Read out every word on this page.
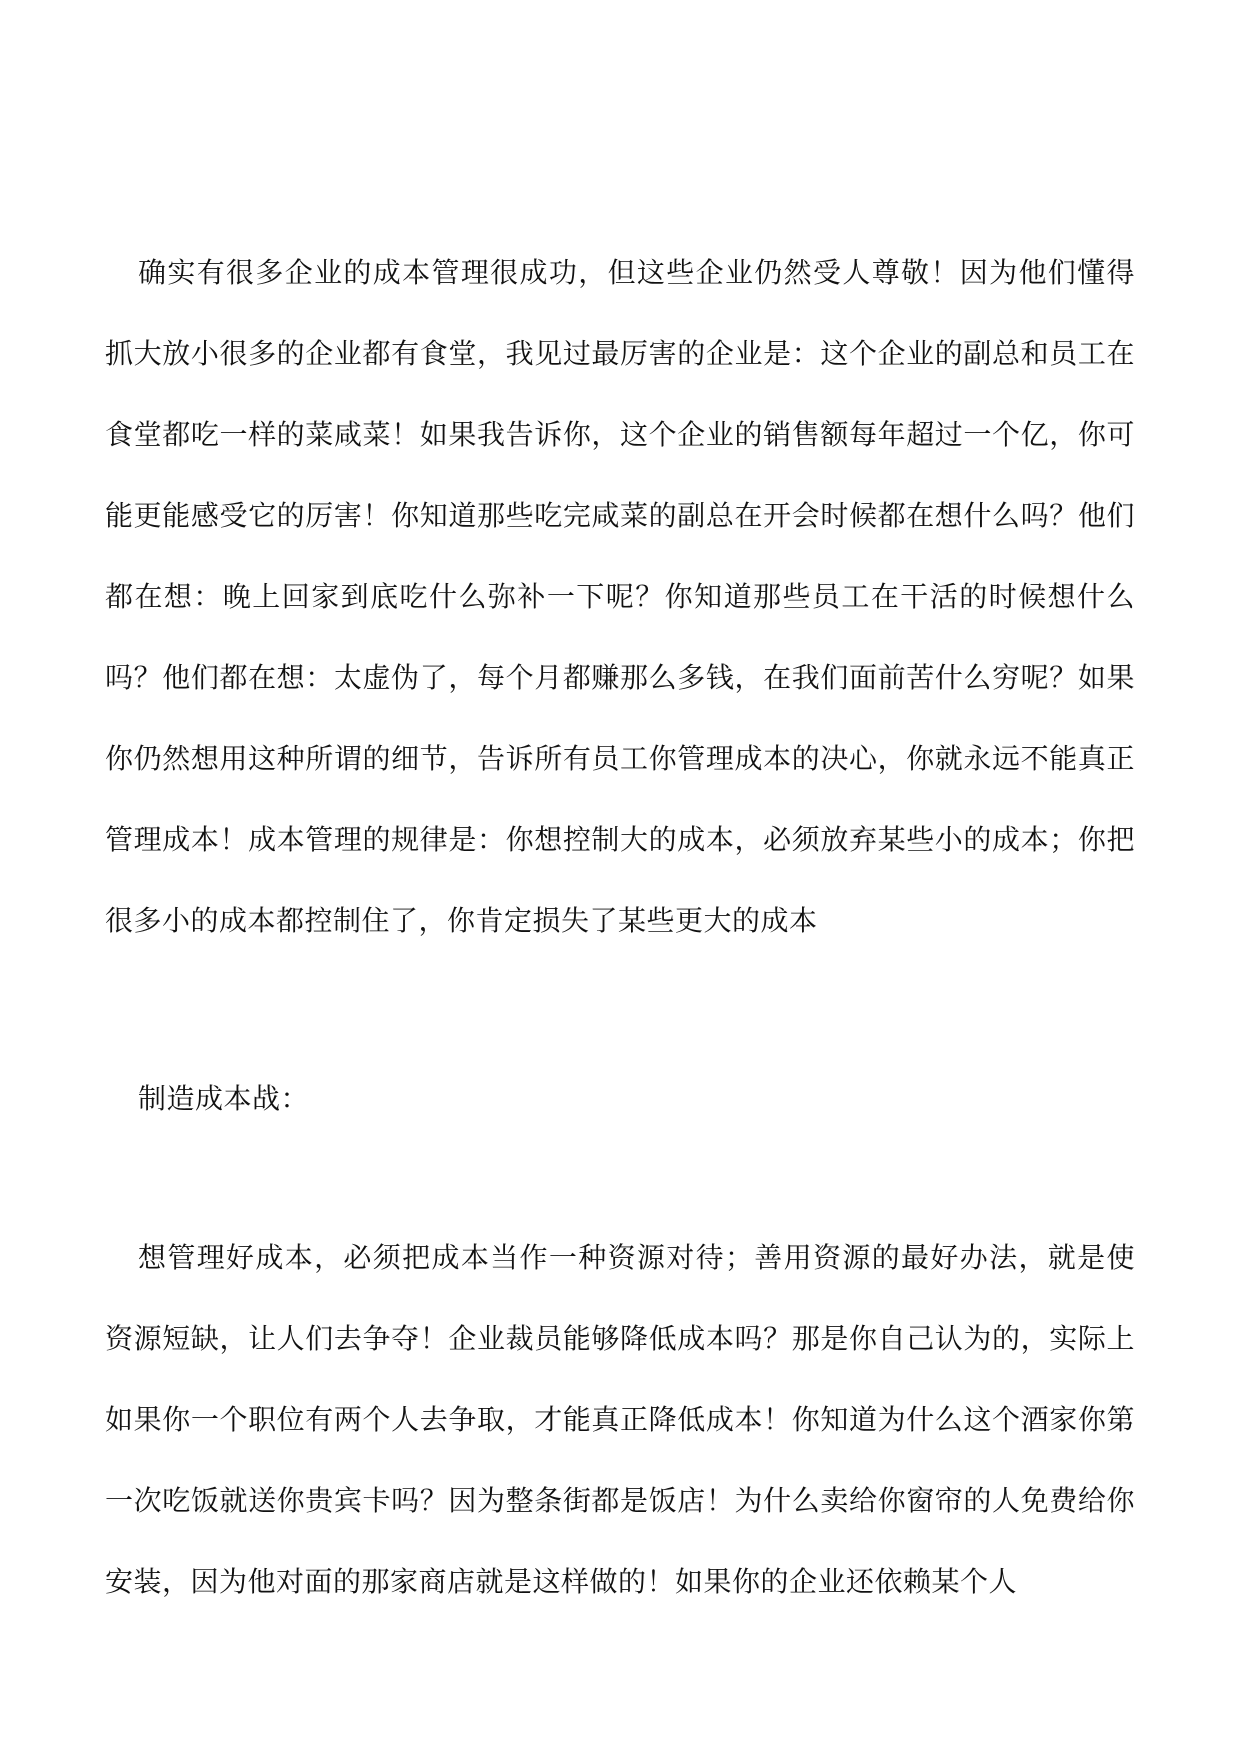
确实有很多企业的成本管理很成功，但这些企业仍然受人尊敬！因为他们懂得抓大放小很多的企业都有食堂，我见过最厉害的企业是：这个企业的副总和员工在食堂都吃一样的菜咸菜！如果我告诉你，这个企业的销售额每年超过一个亿，你可能更能感受它的厉害！你知道那些吃完咸菜的副总在开会时候都在想什么吗？他们都在想：晚上回家到底吃什么弥补一下呢？你知道那些员工在干活的时候想什么吗？他们都在想：太虚伪了，每个月都赚那么多钱，在我们面前苦什么穷呢？如果你仍然想用这种所谓的细节，告诉所有员工你管理成本的决心，你就永远不能真正管理成本！成本管理的规律是：你想控制大的成本，必须放弃某些小的成本；你把很多小的成本都控制住了，你肯定损失了某些更大的成本

制造成本战：

想管理好成本，必须把成本当作一种资源对待；善用资源的最好办法，就是使资源短缺，让人们去争夺！企业裁员能够降低成本吗？那是你自己认为的，实际上如果你一个职位有两个人去争取，才能真正降低成本！你知道为什么这个酒家你第一次吃饭就送你贵宾卡吗？因为整条街都是饭店！为什么卖给你窗帘的人免费给你安装，因为他对面的那家商店就是这样做的！如果你的企业还依赖某个人
